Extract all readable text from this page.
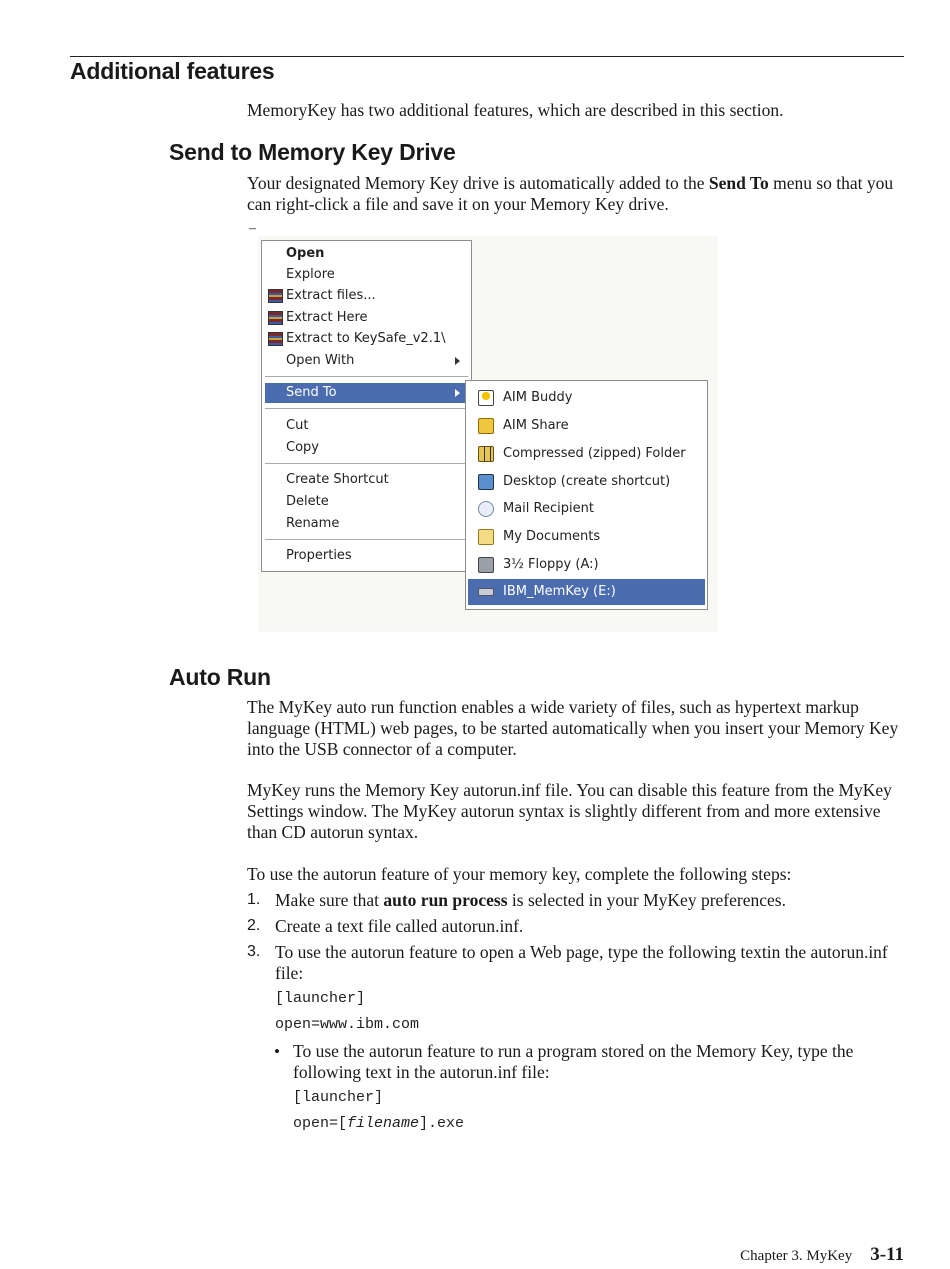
Additional features

MemoryKey has two additional features, which are described in this section.

Send to Memory Key Drive

Your designated Memory Key drive is automatically added to the Send To menu so that you can right-click a file and save it on your Memory Key drive.

–
Open
Explore
Extract files...
Extract Here
Extract to KeySafe_v2.1\
Open With
Send To
Cut
Copy
Create Shortcut
Delete
Rename
Properties
AIM Buddy
AIM Share
Compressed (zipped) Folder
Desktop (create shortcut)
Mail Recipient
My Documents
3½ Floppy (A:)
IBM_MemKey (E:)
Auto Run

The MyKey auto run function enables a wide variety of files, such as hypertext markup language (HTML) web pages, to be started automatically when you insert your Memory Key into the USB connector of a computer.

MyKey runs the Memory Key autorun.inf file. You can disable this feature from the MyKey Settings window. The MyKey autorun syntax is slightly different from and more extensive than CD autorun syntax.

To use the autorun feature of your memory key, complete the following steps:

1. Make sure that auto run process is selected in your MyKey preferences.
2. Create a text file called autorun.inf.
3. To use the autorun feature to open a Web page, type the following textin the autorun.inf file:
[launcher]
open=www.ibm.com
• To use the autorun feature to run a program stored on the Memory Key, type the following text in the autorun.inf file:
[launcher]
open=[filename].exe
Chapter 3. MyKey 3-11
